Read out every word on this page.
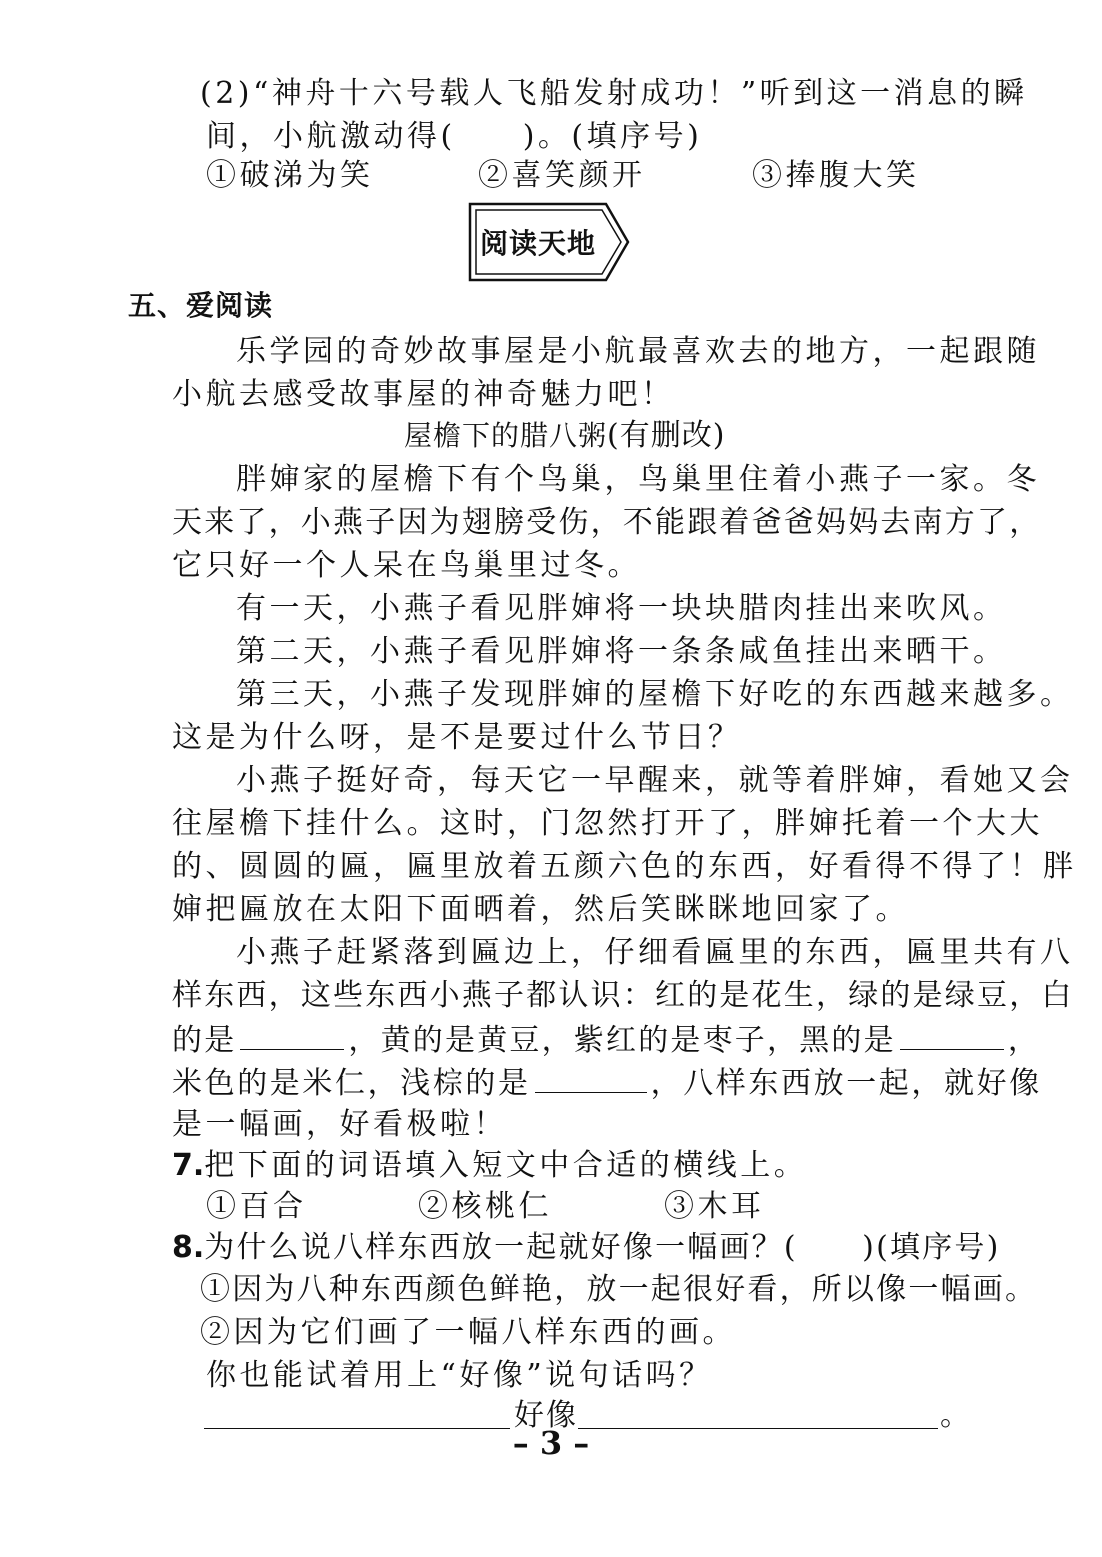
(2)“神舟十六号载人飞船发射成功！”听到这一消息的瞬
间，小航激动得(　　)。(填序号)
①破涕为笑	②喜笑颜开	③捧腹大笑
阅读天地
五、爱阅读
乐学园的奇妙故事屋是小航最喜欢去的地方，一起跟随
小航去感受故事屋的神奇魅力吧！
屋檐下的腊八粥(有删改)
胖婶家的屋檐下有个鸟巢，鸟巢里住着小燕子一家。冬
天来了，小燕子因为翅膀受伤，不能跟着爸爸妈妈去南方了，
它只好一个人呆在鸟巢里过冬。
有一天，小燕子看见胖婶将一块块腊肉挂出来吹风。
第二天，小燕子看见胖婶将一条条咸鱼挂出来晒干。
第三天，小燕子发现胖婶的屋檐下好吃的东西越来越多。
这是为什么呀，是不是要过什么节日？
小燕子挺好奇，每天它一早醒来，就等着胖婶，看她又会
往屋檐下挂什么。这时，门忽然打开了，胖婶托着一个大大
的、圆圆的匾，匾里放着五颜六色的东西，好看得不得了！胖
婶把匾放在太阳下面晒着，然后笑眯眯地回家了。
小燕子赶紧落到匾边上，仔细看匾里的东西，匾里共有八
样东西，这些东西小燕子都认识：红的是花生，绿的是绿豆，白
的是	，黄的是黄豆，紫红的是枣子，黑的是	，
米色的是米仁，浅棕的是	，八样东西放一起，就好像
是一幅画，好看极啦！
7.把下面的词语填入短文中合适的横线上。
①百合	②核桃仁	③木耳
8.为什么说八样东西放一起就好像一幅画？(　　)(填序号)
①因为八种东西颜色鲜艳，放一起很好看，所以像一幅画。
②因为它们画了一幅八样东西的画。
你也能试着用上“好像”说句话吗？
好像	。
– 3 –
